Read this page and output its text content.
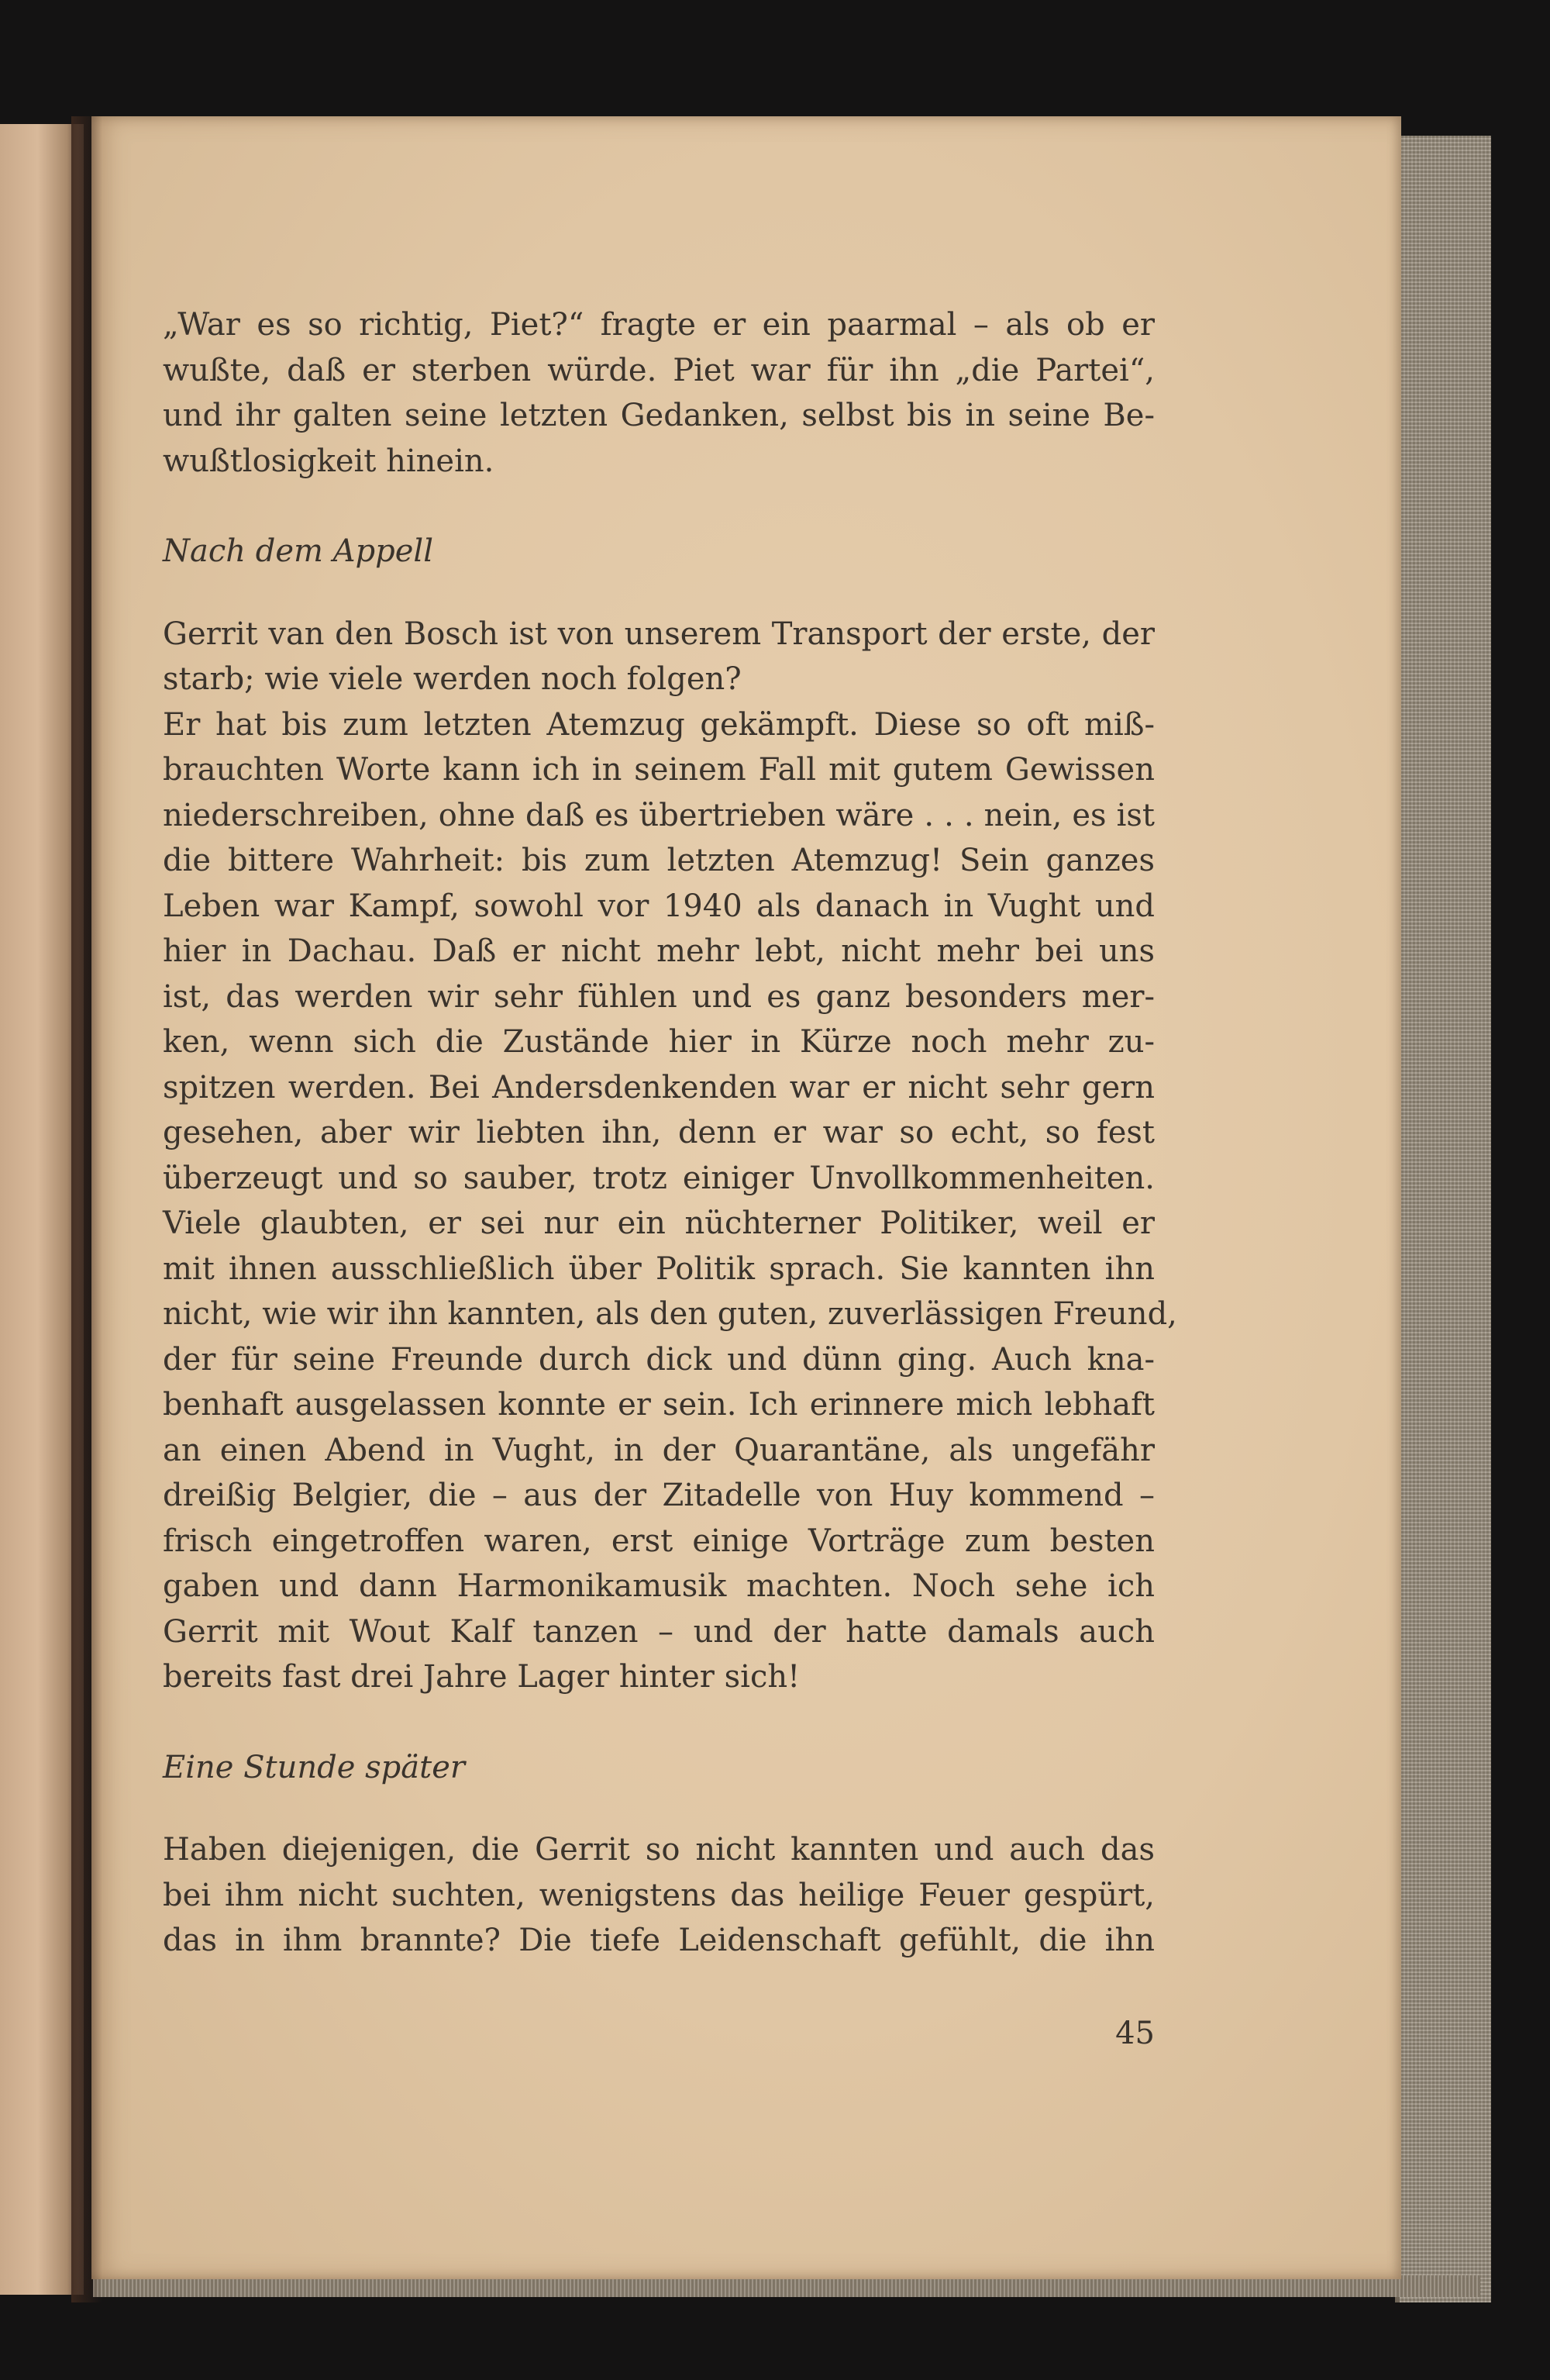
„War es so richtig, Piet?“ fragte er ein paarmal – als ob er
wußte, daß er sterben würde. Piet war für ihn „die Partei“,
und ihr galten seine letzten Gedanken, selbst bis in seine Be-
wußtlosigkeit hinein.
Nach dem Appell
Gerrit van den Bosch ist von unserem Transport der erste, der
starb; wie viele werden noch folgen?
Er hat bis zum letzten Atemzug gekämpft. Diese so oft miß-
brauchten Worte kann ich in seinem Fall mit gutem Gewissen
niederschreiben, ohne daß es übertrieben wäre . . . nein, es ist
die bittere Wahrheit: bis zum letzten Atemzug! Sein ganzes
Leben war Kampf, sowohl vor 1940 als danach in Vught und
hier in Dachau. Daß er nicht mehr lebt, nicht mehr bei uns
ist, das werden wir sehr fühlen und es ganz besonders mer-
ken, wenn sich die Zustände hier in Kürze noch mehr zu-
spitzen werden. Bei Andersdenkenden war er nicht sehr gern
gesehen, aber wir liebten ihn, denn er war so echt, so fest
überzeugt und so sauber, trotz einiger Unvollkommenheiten.
Viele glaubten, er sei nur ein nüchterner Politiker, weil er
mit ihnen ausschließlich über Politik sprach. Sie kannten ihn
nicht, wie wir ihn kannten, als den guten, zuverlässigen Freund,
der für seine Freunde durch dick und dünn ging. Auch kna-
benhaft ausgelassen konnte er sein. Ich erinnere mich lebhaft
an einen Abend in Vught, in der Quarantäne, als ungefähr
dreißig Belgier, die – aus der Zitadelle von Huy kommend –
frisch eingetroffen waren, erst einige Vorträge zum besten
gaben und dann Harmonikamusik machten. Noch sehe ich
Gerrit mit Wout Kalf tanzen – und der hatte damals auch
bereits fast drei Jahre Lager hinter sich!
Eine Stunde später
Haben diejenigen, die Gerrit so nicht kannten und auch das
bei ihm nicht suchten, wenigstens das heilige Feuer gespürt,
das in ihm brannte? Die tiefe Leidenschaft gefühlt, die ihn
45
